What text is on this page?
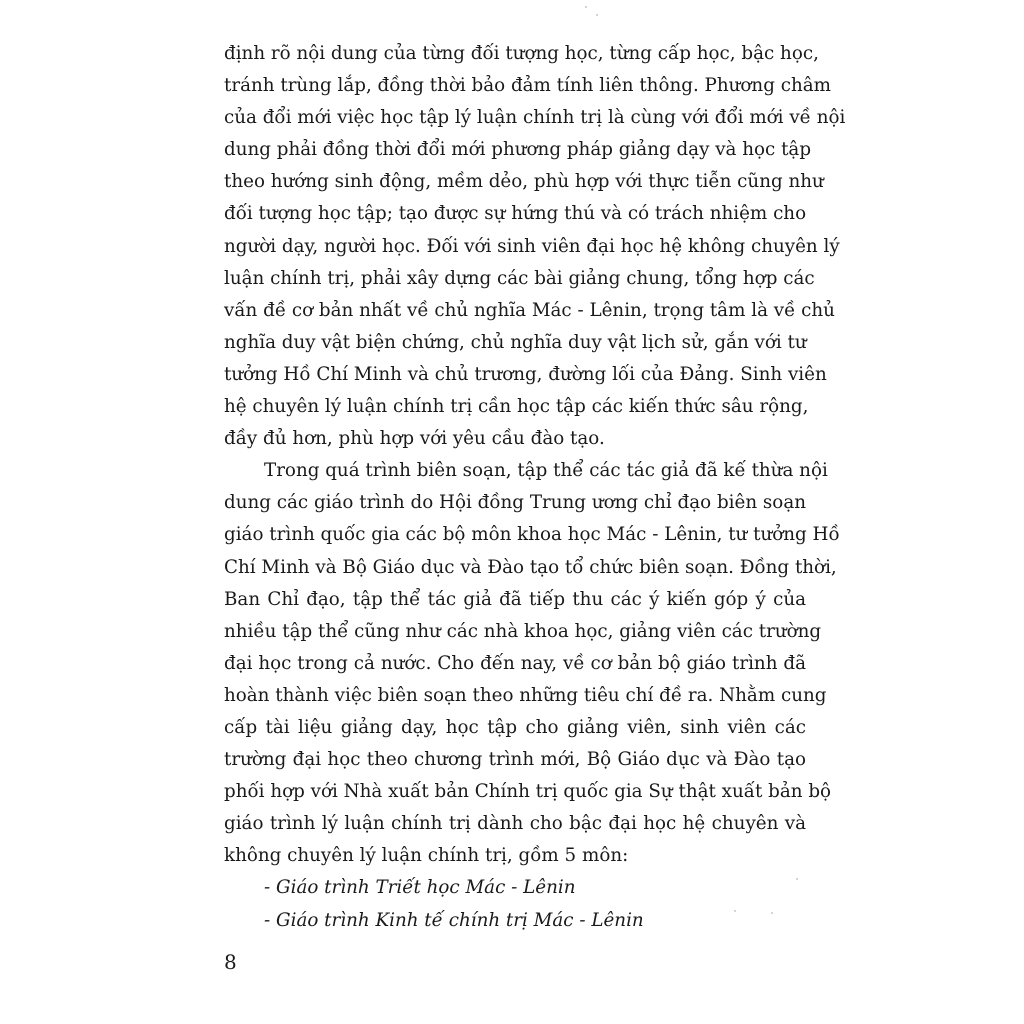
định rõ nội dung của từng đối tượng học, từng cấp học, bậc học,
tránh trùng lắp, đồng thời bảo đảm tính liên thông. Phương châm
của đổi mới việc học tập lý luận chính trị là cùng với đổi mới về nội
dung phải đồng thời đổi mới phương pháp giảng dạy và học tập
theo hướng sinh động, mềm dẻo, phù hợp với thực tiễn cũng như
đối tượng học tập; tạo được sự hứng thú và có trách nhiệm cho
người dạy, người học. Đối với sinh viên đại học hệ không chuyên lý
luận chính trị, phải xây dựng các bài giảng chung, tổng hợp các
vấn đề cơ bản nhất về chủ nghĩa Mác - Lênin, trọng tâm là về chủ
nghĩa duy vật biện chứng, chủ nghĩa duy vật lịch sử, gắn với tư
tưởng Hồ Chí Minh và chủ trương, đường lối của Đảng. Sinh viên
hệ chuyên lý luận chính trị cần học tập các kiến thức sâu rộng,
đầy đủ hơn, phù hợp với yêu cầu đào tạo.
Trong quá trình biên soạn, tập thể các tác giả đã kế thừa nội
dung các giáo trình do Hội đồng Trung ương chỉ đạo biên soạn
giáo trình quốc gia các bộ môn khoa học Mác - Lênin, tư tưởng Hồ
Chí Minh và Bộ Giáo dục và Đào tạo tổ chức biên soạn. Đồng thời,
Ban Chỉ đạo, tập thể tác giả đã tiếp thu các ý kiến góp ý của
nhiều tập thể cũng như các nhà khoa học, giảng viên các trường
đại học trong cả nước. Cho đến nay, về cơ bản bộ giáo trình đã
hoàn thành việc biên soạn theo những tiêu chí đề ra. Nhằm cung
cấp tài liệu giảng dạy, học tập cho giảng viên, sinh viên các
trường đại học theo chương trình mới, Bộ Giáo dục và Đào tạo
phối hợp với Nhà xuất bản Chính trị quốc gia Sự thật xuất bản bộ
giáo trình lý luận chính trị dành cho bậc đại học hệ chuyên và
không chuyên lý luận chính trị, gồm 5 môn:
- Giáo trình Triết học Mác - Lênin
- Giáo trình Kinh tế chính trị Mác - Lênin
8
